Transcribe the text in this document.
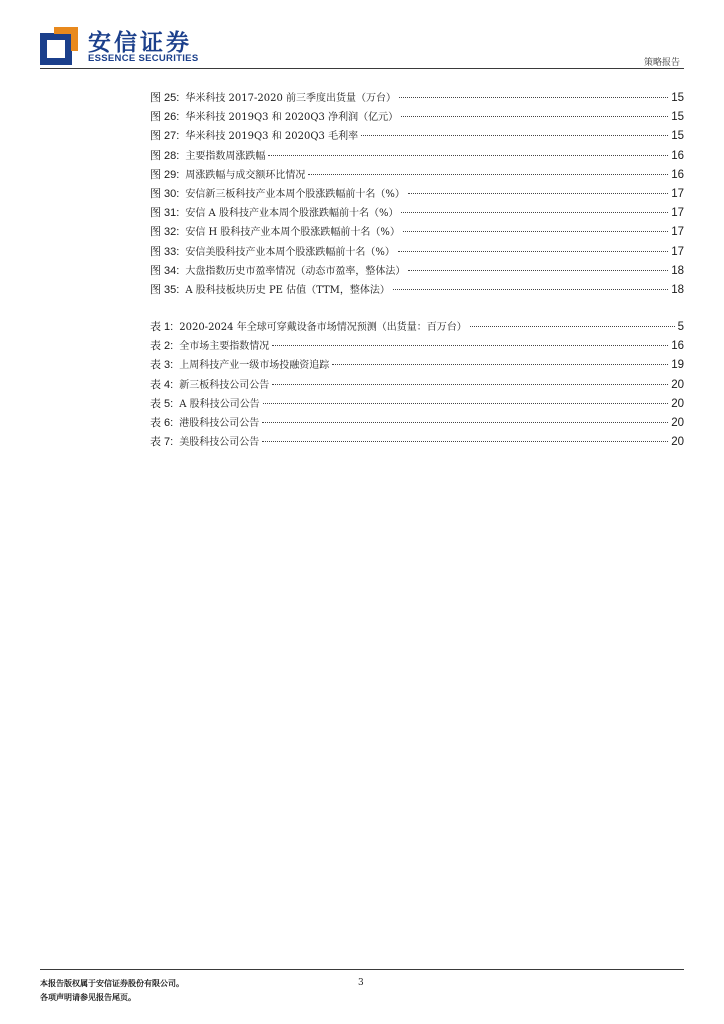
安信证券
ESSENCE SECURITIES	策略报告
图 25: 华米科技 2017-2020 前三季度出货量（万台）	15
图 26: 华米科技 2019Q3 和 2020Q3 净利润（亿元）	15
图 27: 华米科技 2019Q3 和 2020Q3 毛利率	15
图 28: 主要指数周涨跌幅	16
图 29: 周涨跌幅与成交额环比情况	16
图 30: 安信新三板科技产业本周个股涨跌幅前十名（%）	17
图 31: 安信 A 股科技产业本周个股涨跌幅前十名（%）	17
图 32: 安信 H 股科技产业本周个股涨跌幅前十名（%）	17
图 33: 安信美股科技产业本周个股涨跌幅前十名（%）	17
图 34: 大盘指数历史市盈率情况（动态市盈率，整体法）	18
图 35: A 股科技板块历史 PE 估值（TTM，整体法）	18
表 1: 2020-2024 年全球可穿戴设备市场情况预测（出货量：百万台）	5
表 2: 全市场主要指数情况	16
表 3: 上周科技产业一级市场投融资追踪	19
表 4: 新三板科技公司公告	20
表 5: A 股科技公司公告	20
表 6: 港股科技公司公告	20
表 7: 美股科技公司公告	20
本报告版权属于安信证券股份有限公司。
各项声明请参见报告尾页。
3
